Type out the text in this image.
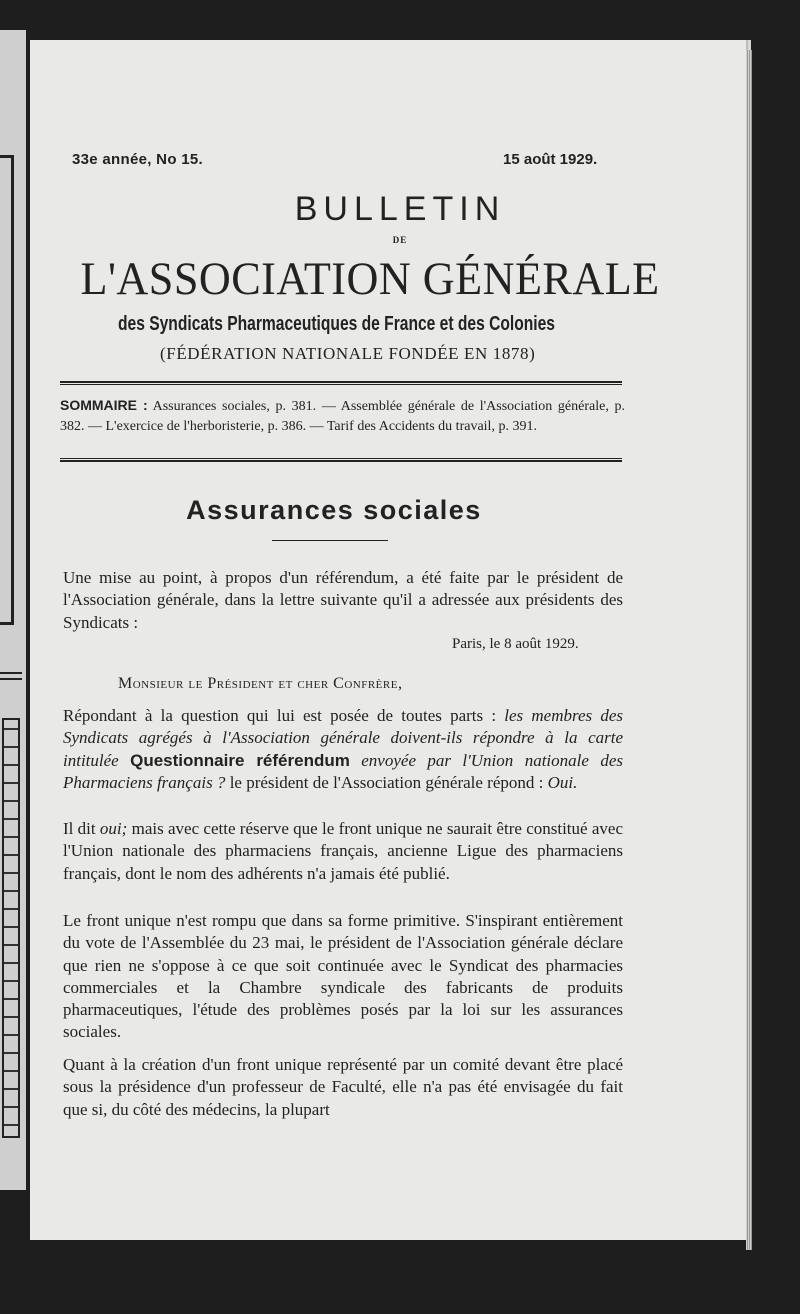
33e année, No 15.	15 août 1929.

BULLETIN

DE

L'ASSOCIATION GÉNÉRALE

des Syndicats Pharmaceutiques de France et des Colonies

(FÉDÉRATION NATIONALE FONDÉE EN 1878)

SOMMAIRE : Assurances sociales, p. 381. — Assemblée générale de l'Association générale, p. 382. — L'exercice de l'herboristerie, p. 386. — Tarif des Accidents du travail, p. 391.

Assurances sociales

Une mise au point, à propos d'un référendum, a été faite par le président de l'Association générale, dans la lettre suivante qu'il a adressée aux présidents des Syndicats :

Paris, le 8 août 1929.

Monsieur le Président et cher Confrère,

Répondant à la question qui lui est posée de toutes parts : les membres des Syndicats agrégés à l'Association générale doivent-ils répondre à la carte intitulée Questionnaire référendum envoyée par l'Union nationale des Pharmaciens français ? le président de l'Association générale répond : Oui.

Il dit oui; mais avec cette réserve que le front unique ne saurait être constitué avec l'Union nationale des pharmaciens français, ancienne Ligue des pharmaciens français, dont le nom des adhérents n'a jamais été publié.

Le front unique n'est rompu que dans sa forme primitive. S'inspirant entièrement du vote de l'Assemblée du 23 mai, le président de l'Association générale déclare que rien ne s'oppose à ce que soit continuée avec le Syndicat des pharmacies commerciales et la Chambre syndicale des fabricants de produits pharmaceutiques, l'étude des problèmes posés par la loi sur les assurances sociales.

Quant à la création d'un front unique représenté par un comité devant être placé sous la présidence d'un professeur de Faculté, elle n'a pas été envisagée du fait que si, du côté des médecins, la plupart
